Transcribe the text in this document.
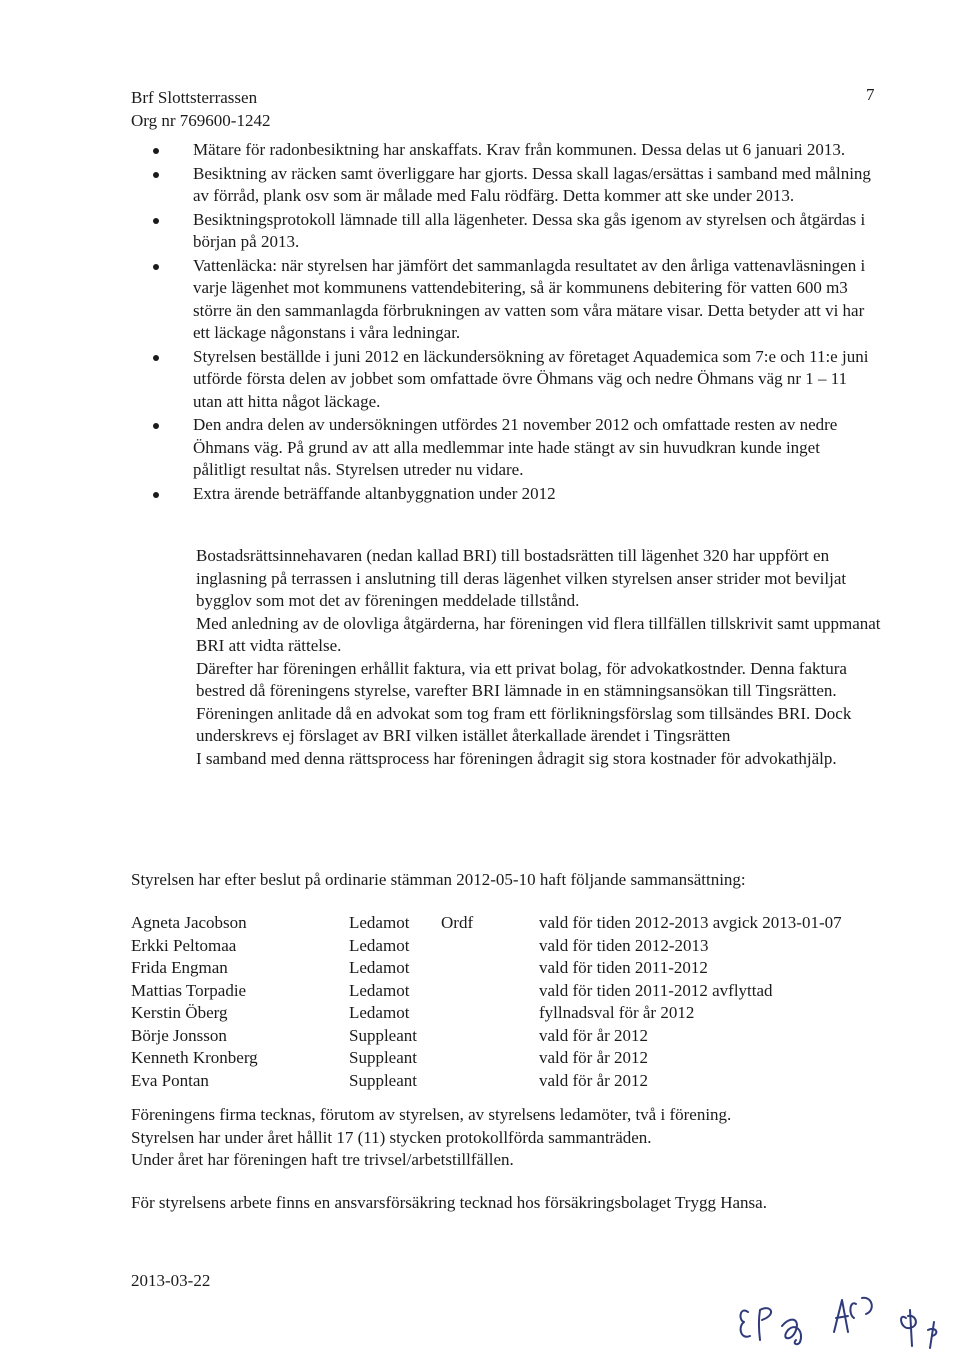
Brf Slottsterrassen
Org nr 769600-1242
7
Mätare för radonbesiktning har anskaffats. Krav från kommunen. Dessa delas ut 6 januari 2013.
Besiktning av räcken samt överliggare har gjorts. Dessa skall lagas/ersättas i samband med målning av förråd, plank osv som är målade med Falu rödfärg. Detta kommer att ske under 2013.
Besiktningsprotokoll lämnade till alla lägenheter. Dessa ska gås igenom av styrelsen och åtgärdas i början på 2013.
Vattenläcka: när styrelsen har jämfört det sammanlagda resultatet av den årliga vattenavläsningen i varje lägenhet mot kommunens vattendebitering, så är kommunens debitering för vatten 600 m3 större än den sammanlagda förbrukningen av vatten som våra mätare visar. Detta betyder att vi har ett läckage någonstans i våra ledningar.
Styrelsen beställde i juni 2012 en läckundersökning av företaget Aquademica som 7:e och 11:e juni utförde första delen av jobbet som omfattade övre Öhmans väg och nedre Öhmans väg nr 1 – 11 utan att hitta något läckage.
Den andra delen av undersökningen utfördes 21 november 2012 och omfattade resten av nedre Öhmans väg. På grund av att alla medlemmar inte hade stängt av sin huvudkran kunde inget pålitligt resultat nås. Styrelsen utreder nu vidare.
Extra ärende beträffande altanbyggnation under 2012

Bostadsrättsinnehavaren (nedan kallad BRI) till bostadsrätten till lägenhet 320 har uppfört en inglasning på terrassen i anslutning till deras lägenhet vilken styrelsen anser strider mot beviljat bygglov som mot det av föreningen meddelade tillstånd.

Med anledning av de olovliga åtgärderna, har föreningen vid flera tillfällen tillskrivit samt uppmanat BRI att vidta rättelse.

Därefter har föreningen erhållit faktura, via ett privat bolag, för advokatkostnder. Denna faktura bestred då föreningens styrelse, varefter BRI lämnade in en stämningsansökan till Tingsrätten.

Föreningen anlitade då en advokat som tog fram ett förlikningsförslag som tillsändes BRI. Dock underskrevs ej förslaget av BRI vilken istället återkallade ärendet i Tingsrätten

I samband med denna rättsprocess har föreningen ådragit sig stora kostnader för advokathjälp.

Styrelsen har efter beslut på ordinarie stämman 2012-05-10 haft följande sammansättning:
Agneta Jacobson	Ledamot	Ordf	vald för tiden 2012-2013 avgick 2013-01-07
Erkki Peltomaa	Ledamot		vald för tiden 2012-2013
Frida Engman	Ledamot		vald för tiden 2011-2012
Mattias Torpadie	Ledamot		vald för tiden 2011-2012 avflyttad
Kerstin Öberg	Ledamot		fyllnadsval för år 2012
Börje Jonsson	Suppleant		vald för år 2012
Kenneth Kronberg	Suppleant		vald för år 2012
Eva Pontan	Suppleant		vald för år 2012

Föreningens firma tecknas, förutom av styrelsen, av styrelsens ledamöter, två i förening.

Styrelsen har under året hållit 17 (11) stycken protokollförda sammanträden.

Under året har föreningen haft tre trivsel/arbetstillfällen.

För styrelsens arbete finns en ansvarsförsäkring tecknad hos försäkringsbolaget Trygg Hansa.
2013-03-22
